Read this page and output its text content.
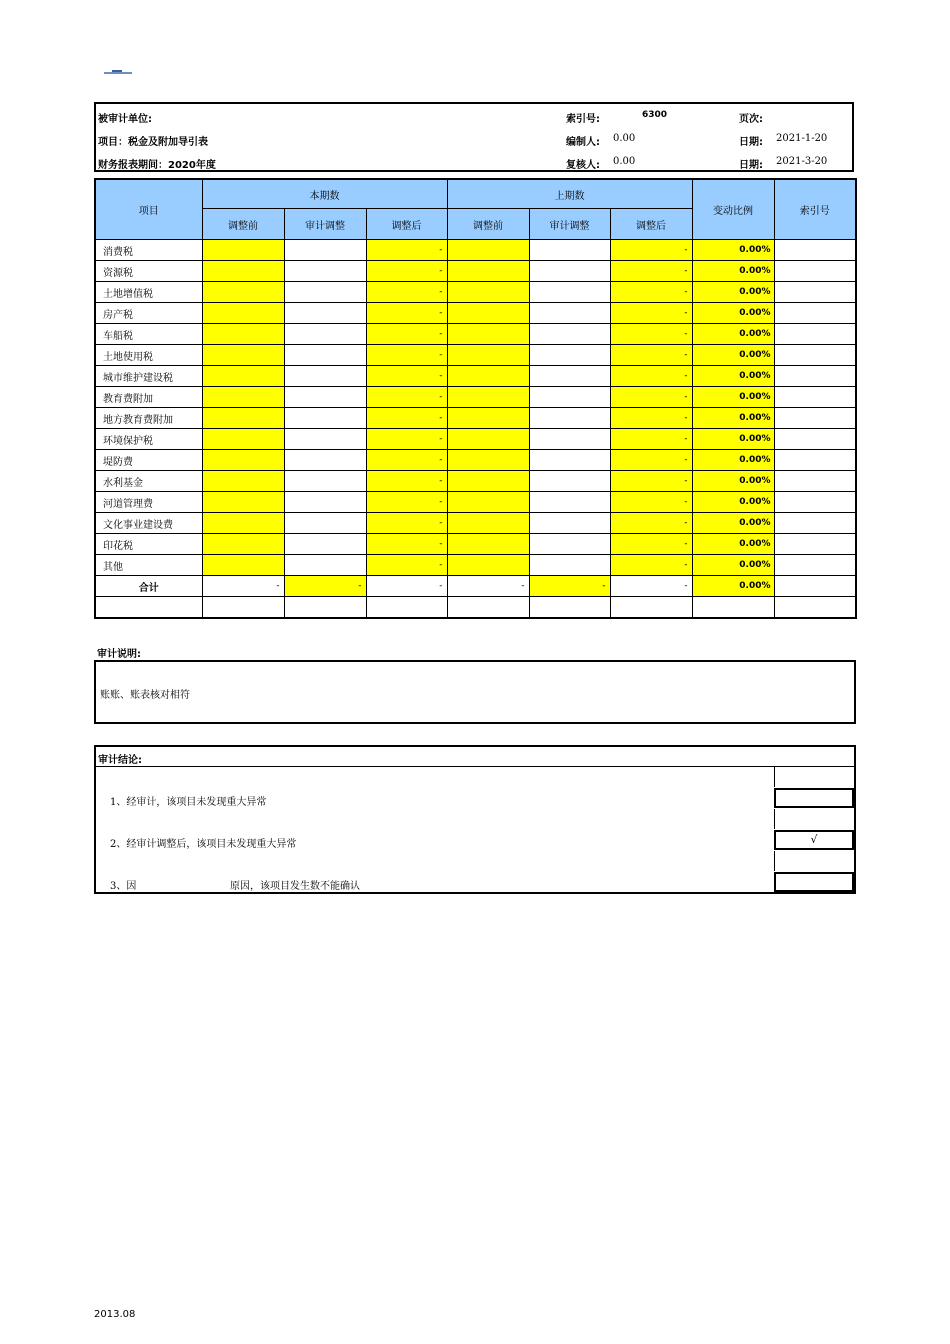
被审计单位:
项目：税金及附加导引表
财务报表期间：2020年度
索引号:	6300
编制人: 0.00
复核人: 0.00
页次:
日期: 2021-1-20
日期: 2021-3-20
项目	本期数			上期数			变动比例	索引号
	调整前	审计调整	调整后	调整前	审计调整	调整后		
消费税			-			-	0.00%	
资源税			-			-	0.00%	
土地增值税			-			-	0.00%	
房产税			-			-	0.00%	
车船税			-			-	0.00%	
土地使用税			-			-	0.00%	
城市维护建设税			-			-	0.00%	
教育费附加			-			-	0.00%	
地方教育费附加			-			-	0.00%	
环境保护税			-			-	0.00%	
堤防费			-			-	0.00%	
水利基金			-			-	0.00%	
河道管理费			-			-	0.00%	
文化事业建设费			-			-	0.00%	
印花税			-			-	0.00%	
其他			-			-	0.00%	
合计	-	-	-	-	-	-	0.00%	

审计说明:
账账、账表核对相符
审计结论:
1、经审计，该项目未发现重大异常
2、经审计调整后，该项目未发现重大异常	√
3、因	原因，该项目发生数不能确认
2013.08
